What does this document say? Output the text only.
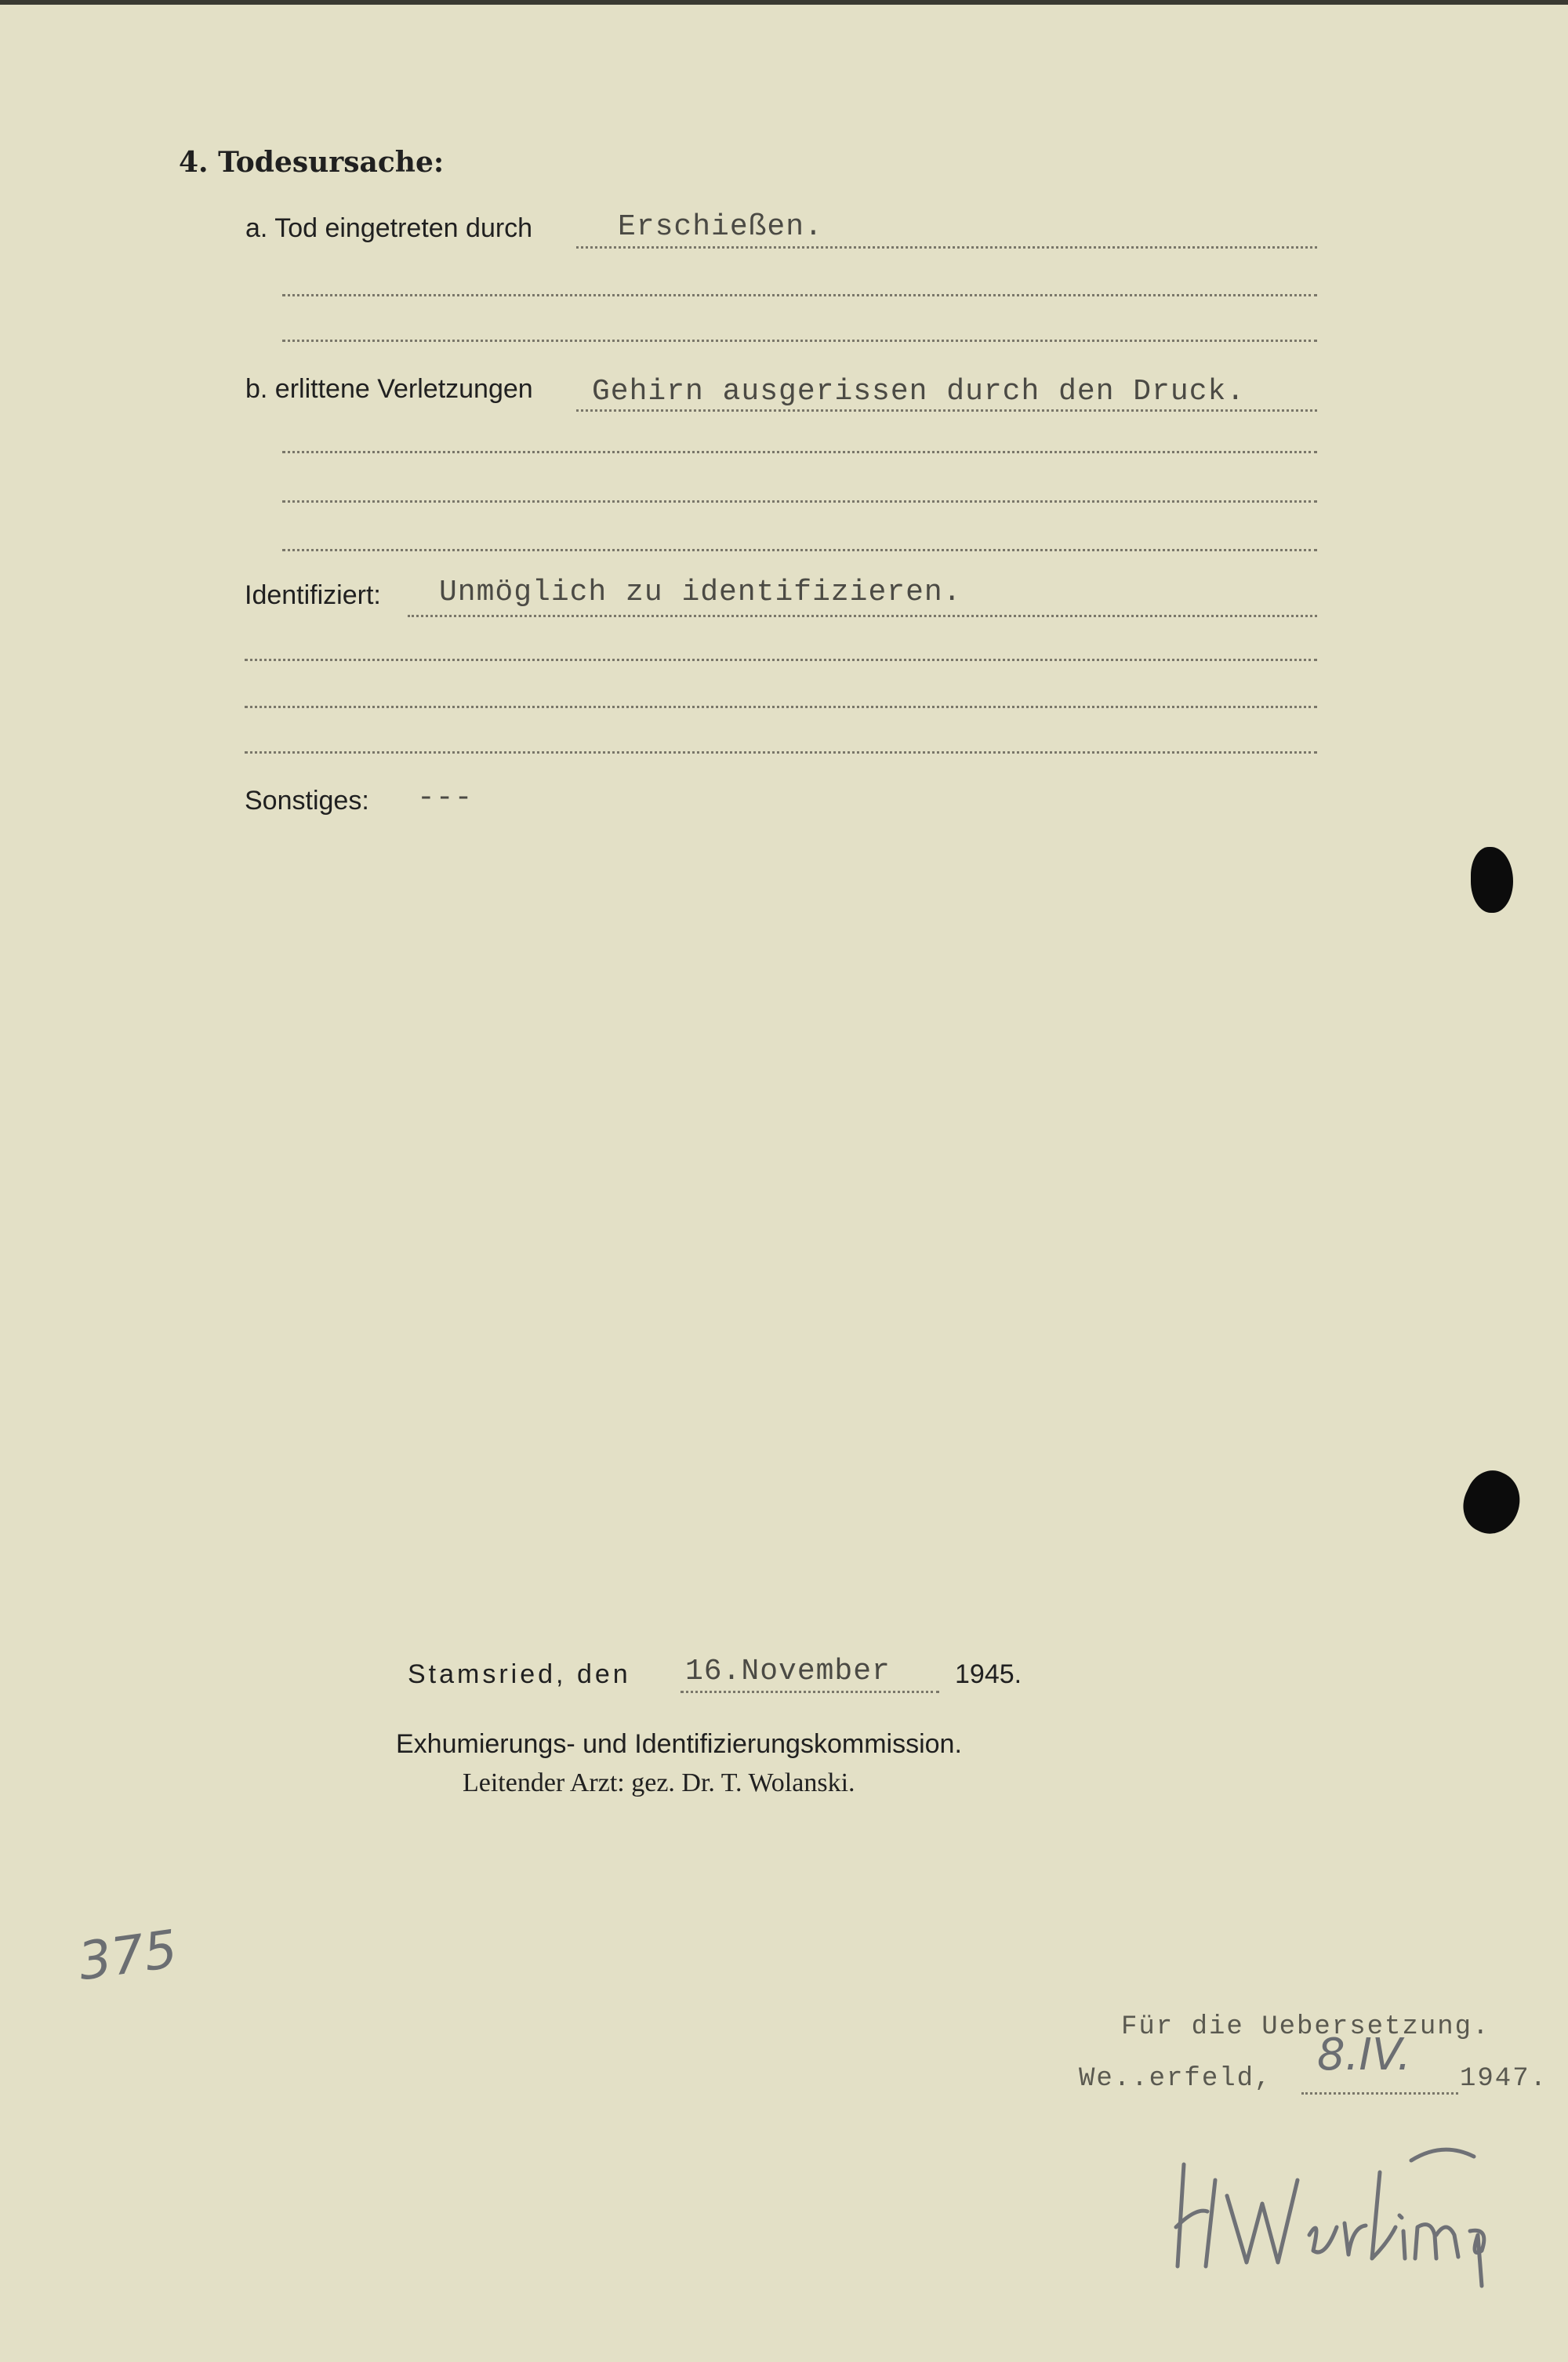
4. Todesursache:
a. Tod eingetreten durch	Erschießen.
b. erlittene Verletzungen Gehirn ausgerissen durch den Druck.
Identifiziert: Unmöglich zu identifizieren.
Sonstiges: ---
Stamsried, den 16.November 1945.
Exhumierungs- und Identifizierungskommission.
Leitender Arzt: gez. Dr. T. Wolanski.
375
Für die Uebersetzung.
We..erfeld, 8.IV. 1947.
